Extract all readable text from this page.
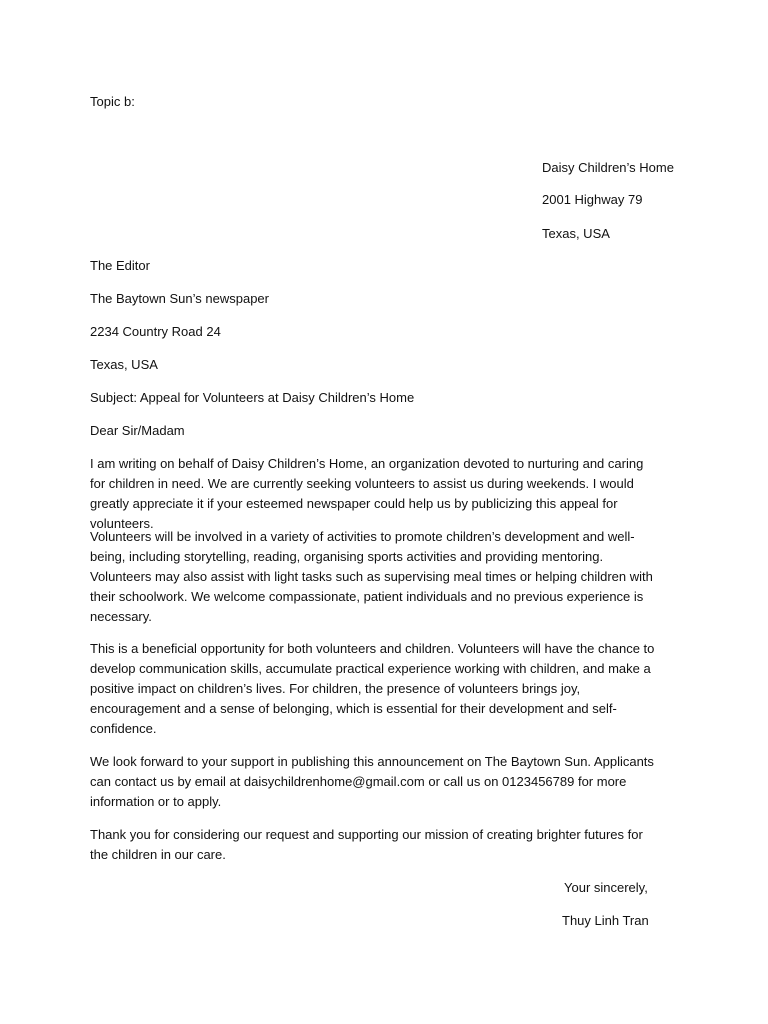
Topic b:
Daisy Children’s Home
2001 Highway 79
Texas, USA
The Editor
The Baytown Sun’s newspaper
2234 Country Road 24
Texas, USA
Subject: Appeal for Volunteers at Daisy Children’s Home
Dear Sir/Madam

I am writing on behalf of Daisy Children’s Home, an organization devoted to nurturing and caring for children in need. We are currently seeking volunteers to assist us during weekends. I would greatly appreciate it if your esteemed newspaper could help us by publicizing this appeal for volunteers.

Volunteers will be involved in a variety of activities to promote children’s development and well-being, including storytelling, reading, organising sports activities and providing mentoring. Volunteers may also assist with light tasks such as supervising meal times or helping children with their schoolwork. We welcome compassionate, patient individuals and no previous experience is necessary.

This is a beneficial opportunity for both volunteers and children. Volunteers will have the chance to develop communication skills, accumulate practical experience working with children, and make a positive impact on children’s lives. For children, the presence of volunteers brings joy, encouragement and a sense of belonging, which is essential for their development and self-confidence.

We look forward to your support in publishing this announcement on The Baytown Sun. Applicants can contact us by email at daisychildrenhome@gmail.com or call us on 0123456789 for more information or to apply.

Thank you for considering our request and supporting our mission of creating brighter futures for the children in our care.

Your sincerely,
Thuy Linh Tran
